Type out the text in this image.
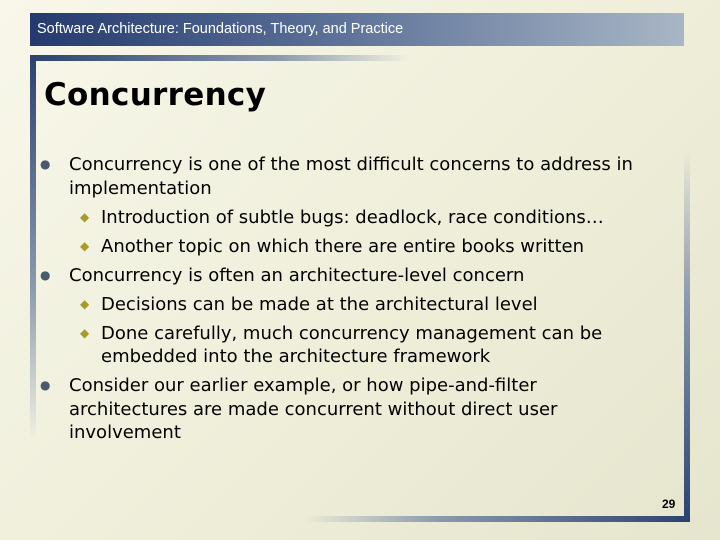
Software Architecture: Foundations, Theory, and Practice
Concurrency
● Concurrency is one of the most difficult concerns to address in implementation
◆ Introduction of subtle bugs: deadlock, race conditions…
◆ Another topic on which there are entire books written
● Concurrency is often an architecture-level concern
◆ Decisions can be made at the architectural level
◆ Done carefully, much concurrency management can be embedded into the architecture framework
● Consider our earlier example, or how pipe-and-filter architectures are made concurrent without direct user involvement
29
